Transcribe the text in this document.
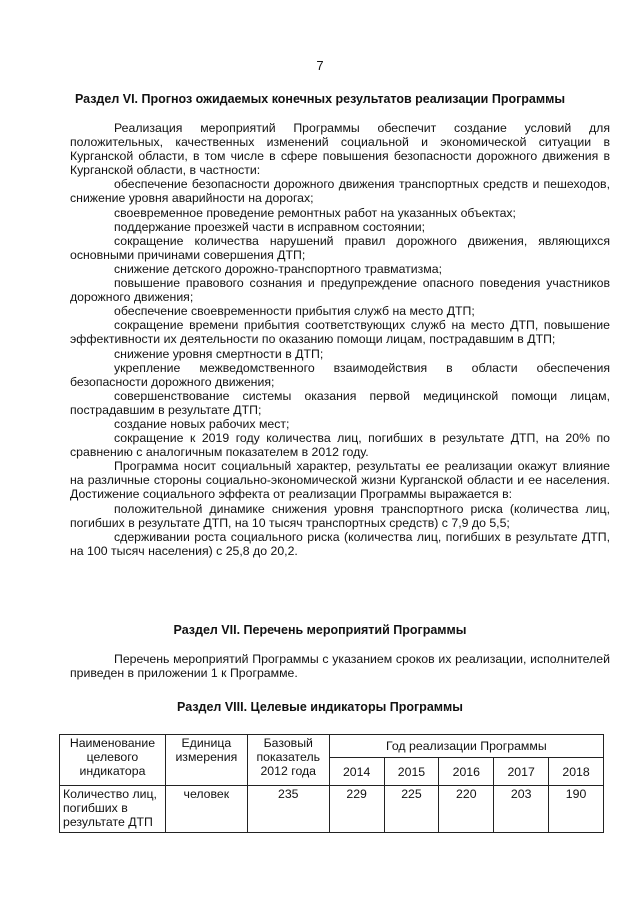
7
Раздел VI. Прогноз ожидаемых конечных результатов реализации Программы

Реализация мероприятий Программы обеспечит создание условий для положительных, качественных изменений социальной и экономической ситуации в Курганской области, в том числе в сфере повышения безопасности дорожного движения в Курганской области, в частности:

обеспечение безопасности дорожного движения транспортных средств и пешеходов, снижение уровня аварийности на дорогах;

своевременное проведение ремонтных работ на указанных объектах;

поддержание проезжей части в исправном состоянии;

сокращение количества нарушений правил дорожного движения, являющихся основными причинами совершения ДТП;

снижение детского дорожно-транспортного травматизма;

повышение правового сознания и предупреждение опасного поведения участников дорожного движения;

обеспечение своевременности прибытия служб на место ДТП;

сокращение времени прибытия соответствующих служб на место ДТП, повышение эффективности их деятельности по оказанию помощи лицам, пострадавшим в ДТП;

снижение уровня смертности в ДТП;

укрепление межведомственного взаимодействия в области обеспечения безопасности дорожного движения;

совершенствование системы оказания первой медицинской помощи лицам, пострадавшим в результате ДТП;

создание новых рабочих мест;

сокращение к 2019 году количества лиц, погибших в результате ДТП, на 20% по сравнению с аналогичным показателем в 2012 году.

Программа носит социальный характер, результаты ее реализации окажут влияние на различные стороны социально-экономической жизни Курганской области и ее населения. Достижение социального эффекта от реализации Программы выражается в:

положительной динамике снижения уровня транспортного риска (количества лиц, погибших в результате ДТП, на 10 тысяч транспортных средств) с 7,9 до 5,5;

сдерживании роста социального риска (количества лиц, погибших в результате ДТП, на 100 тысяч населения) с 25,8 до 20,2.

Раздел VII. Перечень мероприятий Программы

Перечень мероприятий Программы с указанием сроков их реализации, исполнителей приведен в приложении 1 к Программе.

Раздел VIII. Целевые индикаторы Программы
Наименование целевого индикатора	Единица измерения	Базовый показатель 2012 года	Год реализации Программы				
			2014	2015	2016	2017	2018
Количество лиц, погибших в результате ДТП	человек	235	229	225	220	203	190
